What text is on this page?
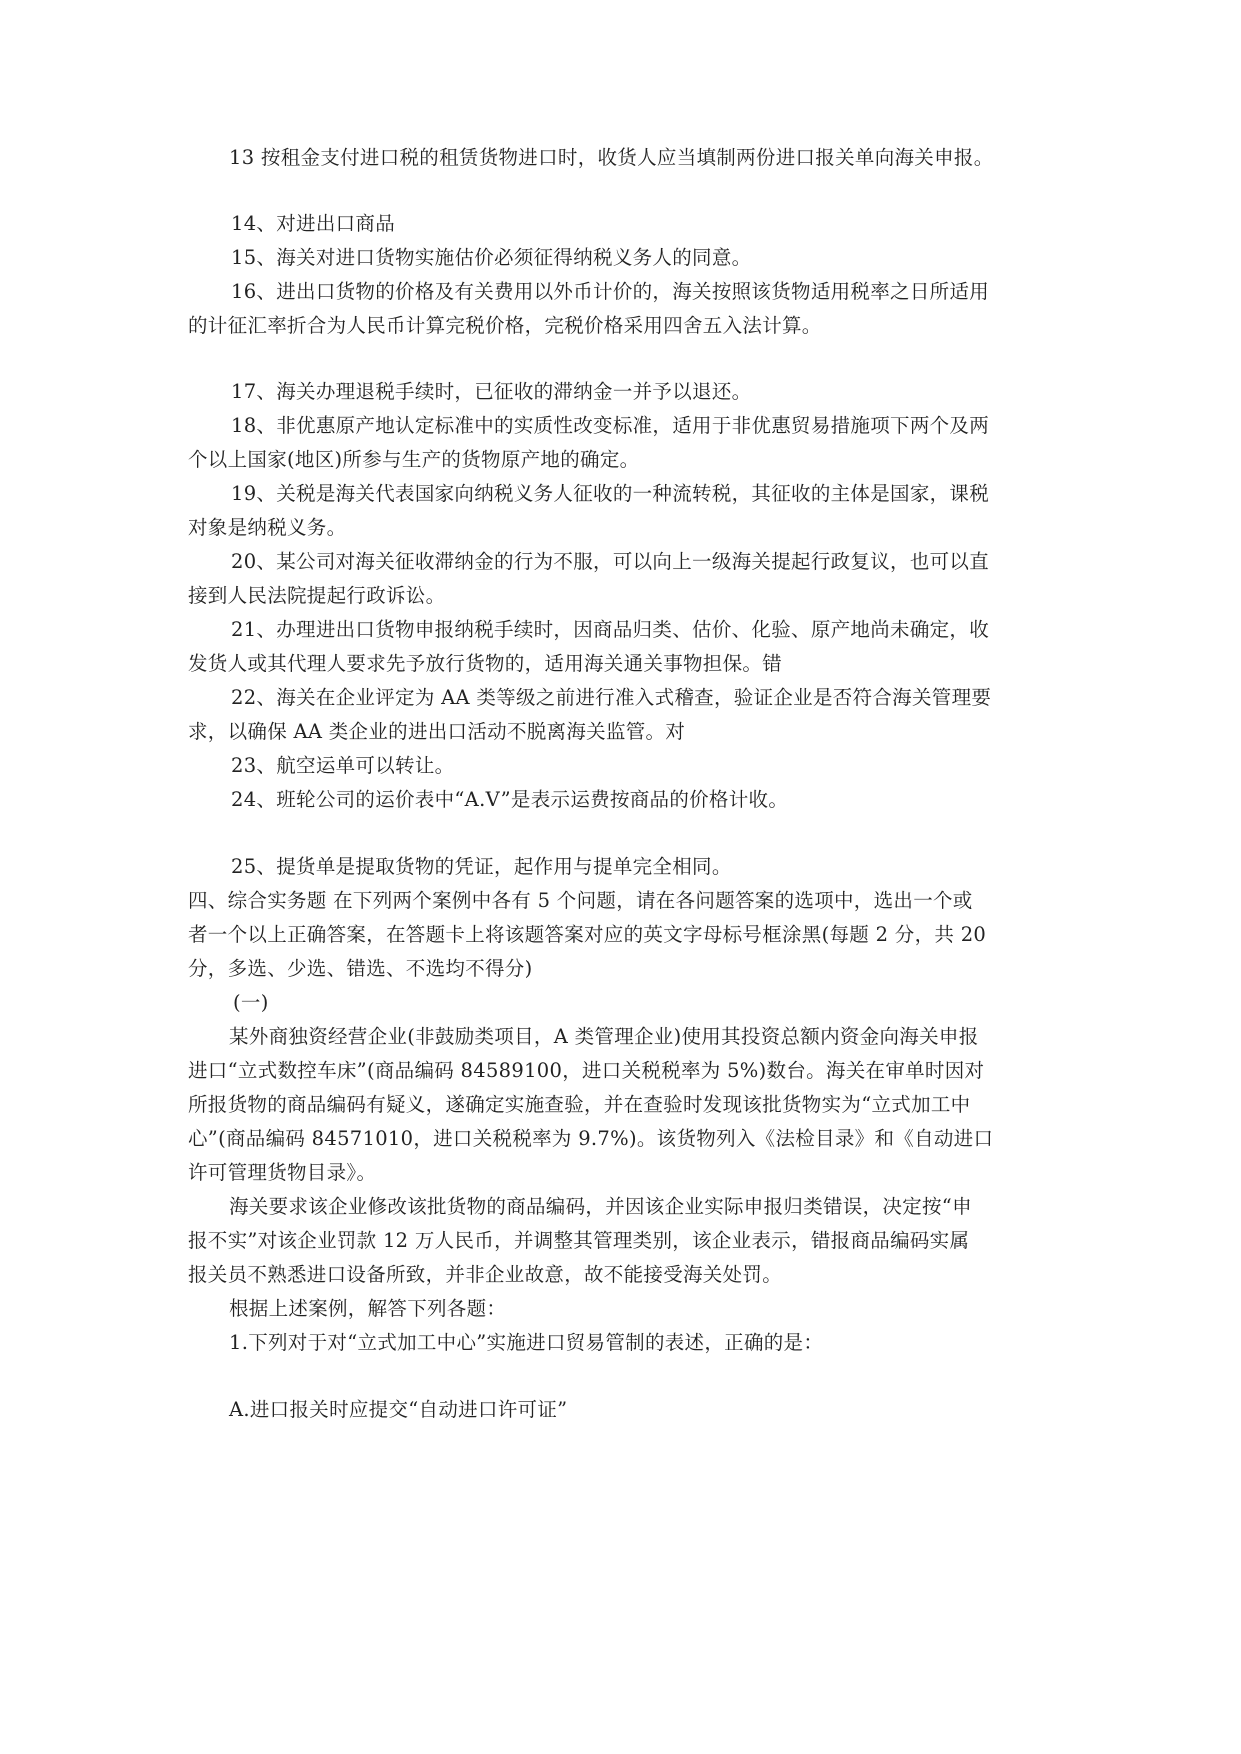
13 按租金支付进口税的租赁货物进口时，收货人应当填制两份进口报关单向海关申报。
14、对进出口商品
15、海关对进口货物实施估价必须征得纳税义务人的同意。
16、进出口货物的价格及有关费用以外币计价的，海关按照该货物适用税率之日所适用
的计征汇率折合为人民币计算完税价格，完税价格采用四舍五入法计算。
17、海关办理退税手续时，已征收的滞纳金一并予以退还。
18、非优惠原产地认定标准中的实质性改变标准，适用于非优惠贸易措施项下两个及两
个以上国家(地区)所参与生产的货物原产地的确定。
19、关税是海关代表国家向纳税义务人征收的一种流转税，其征收的主体是国家，课税
对象是纳税义务。
20、某公司对海关征收滞纳金的行为不服，可以向上一级海关提起行政复议，也可以直
接到人民法院提起行政诉讼。
21、办理进出口货物申报纳税手续时，因商品归类、估价、化验、原产地尚未确定，收
发货人或其代理人要求先予放行货物的，适用海关通关事物担保。错
22、海关在企业评定为 AA 类等级之前进行准入式稽查，验证企业是否符合海关管理要
求，以确保 AA 类企业的进出口活动不脱离海关监管。对
23、航空运单可以转让。
24、班轮公司的运价表中“A.V”是表示运费按商品的价格计收。
25、提货单是提取货物的凭证，起作用与提单完全相同。
四、综合实务题 在下列两个案例中各有 5 个问题，请在各问题答案的选项中，选出一个或
者一个以上正确答案，在答题卡上将该题答案对应的英文字母标号框涂黑(每题 2 分，共 20
分，多选、少选、错选、不选均不得分)
(一)
某外商独资经营企业(非鼓励类项目，A 类管理企业)使用其投资总额内资金向海关申报
进口“立式数控车床”(商品编码 84589100，进口关税税率为 5%)数台。海关在审单时因对
所报货物的商品编码有疑义，遂确定实施查验，并在查验时发现该批货物实为“立式加工中
心”(商品编码 84571010，进口关税税率为 9.7%)。该货物列入《法检目录》和《自动进口
许可管理货物目录》。
海关要求该企业修改该批货物的商品编码，并因该企业实际申报归类错误，决定按“申
报不实”对该企业罚款 12 万人民币，并调整其管理类别，该企业表示，错报商品编码实属
报关员不熟悉进口设备所致，并非企业故意，故不能接受海关处罚。
根据上述案例，解答下列各题：
1.下列对于对“立式加工中心”实施进口贸易管制的表述，正确的是：
A.进口报关时应提交“自动进口许可证”
